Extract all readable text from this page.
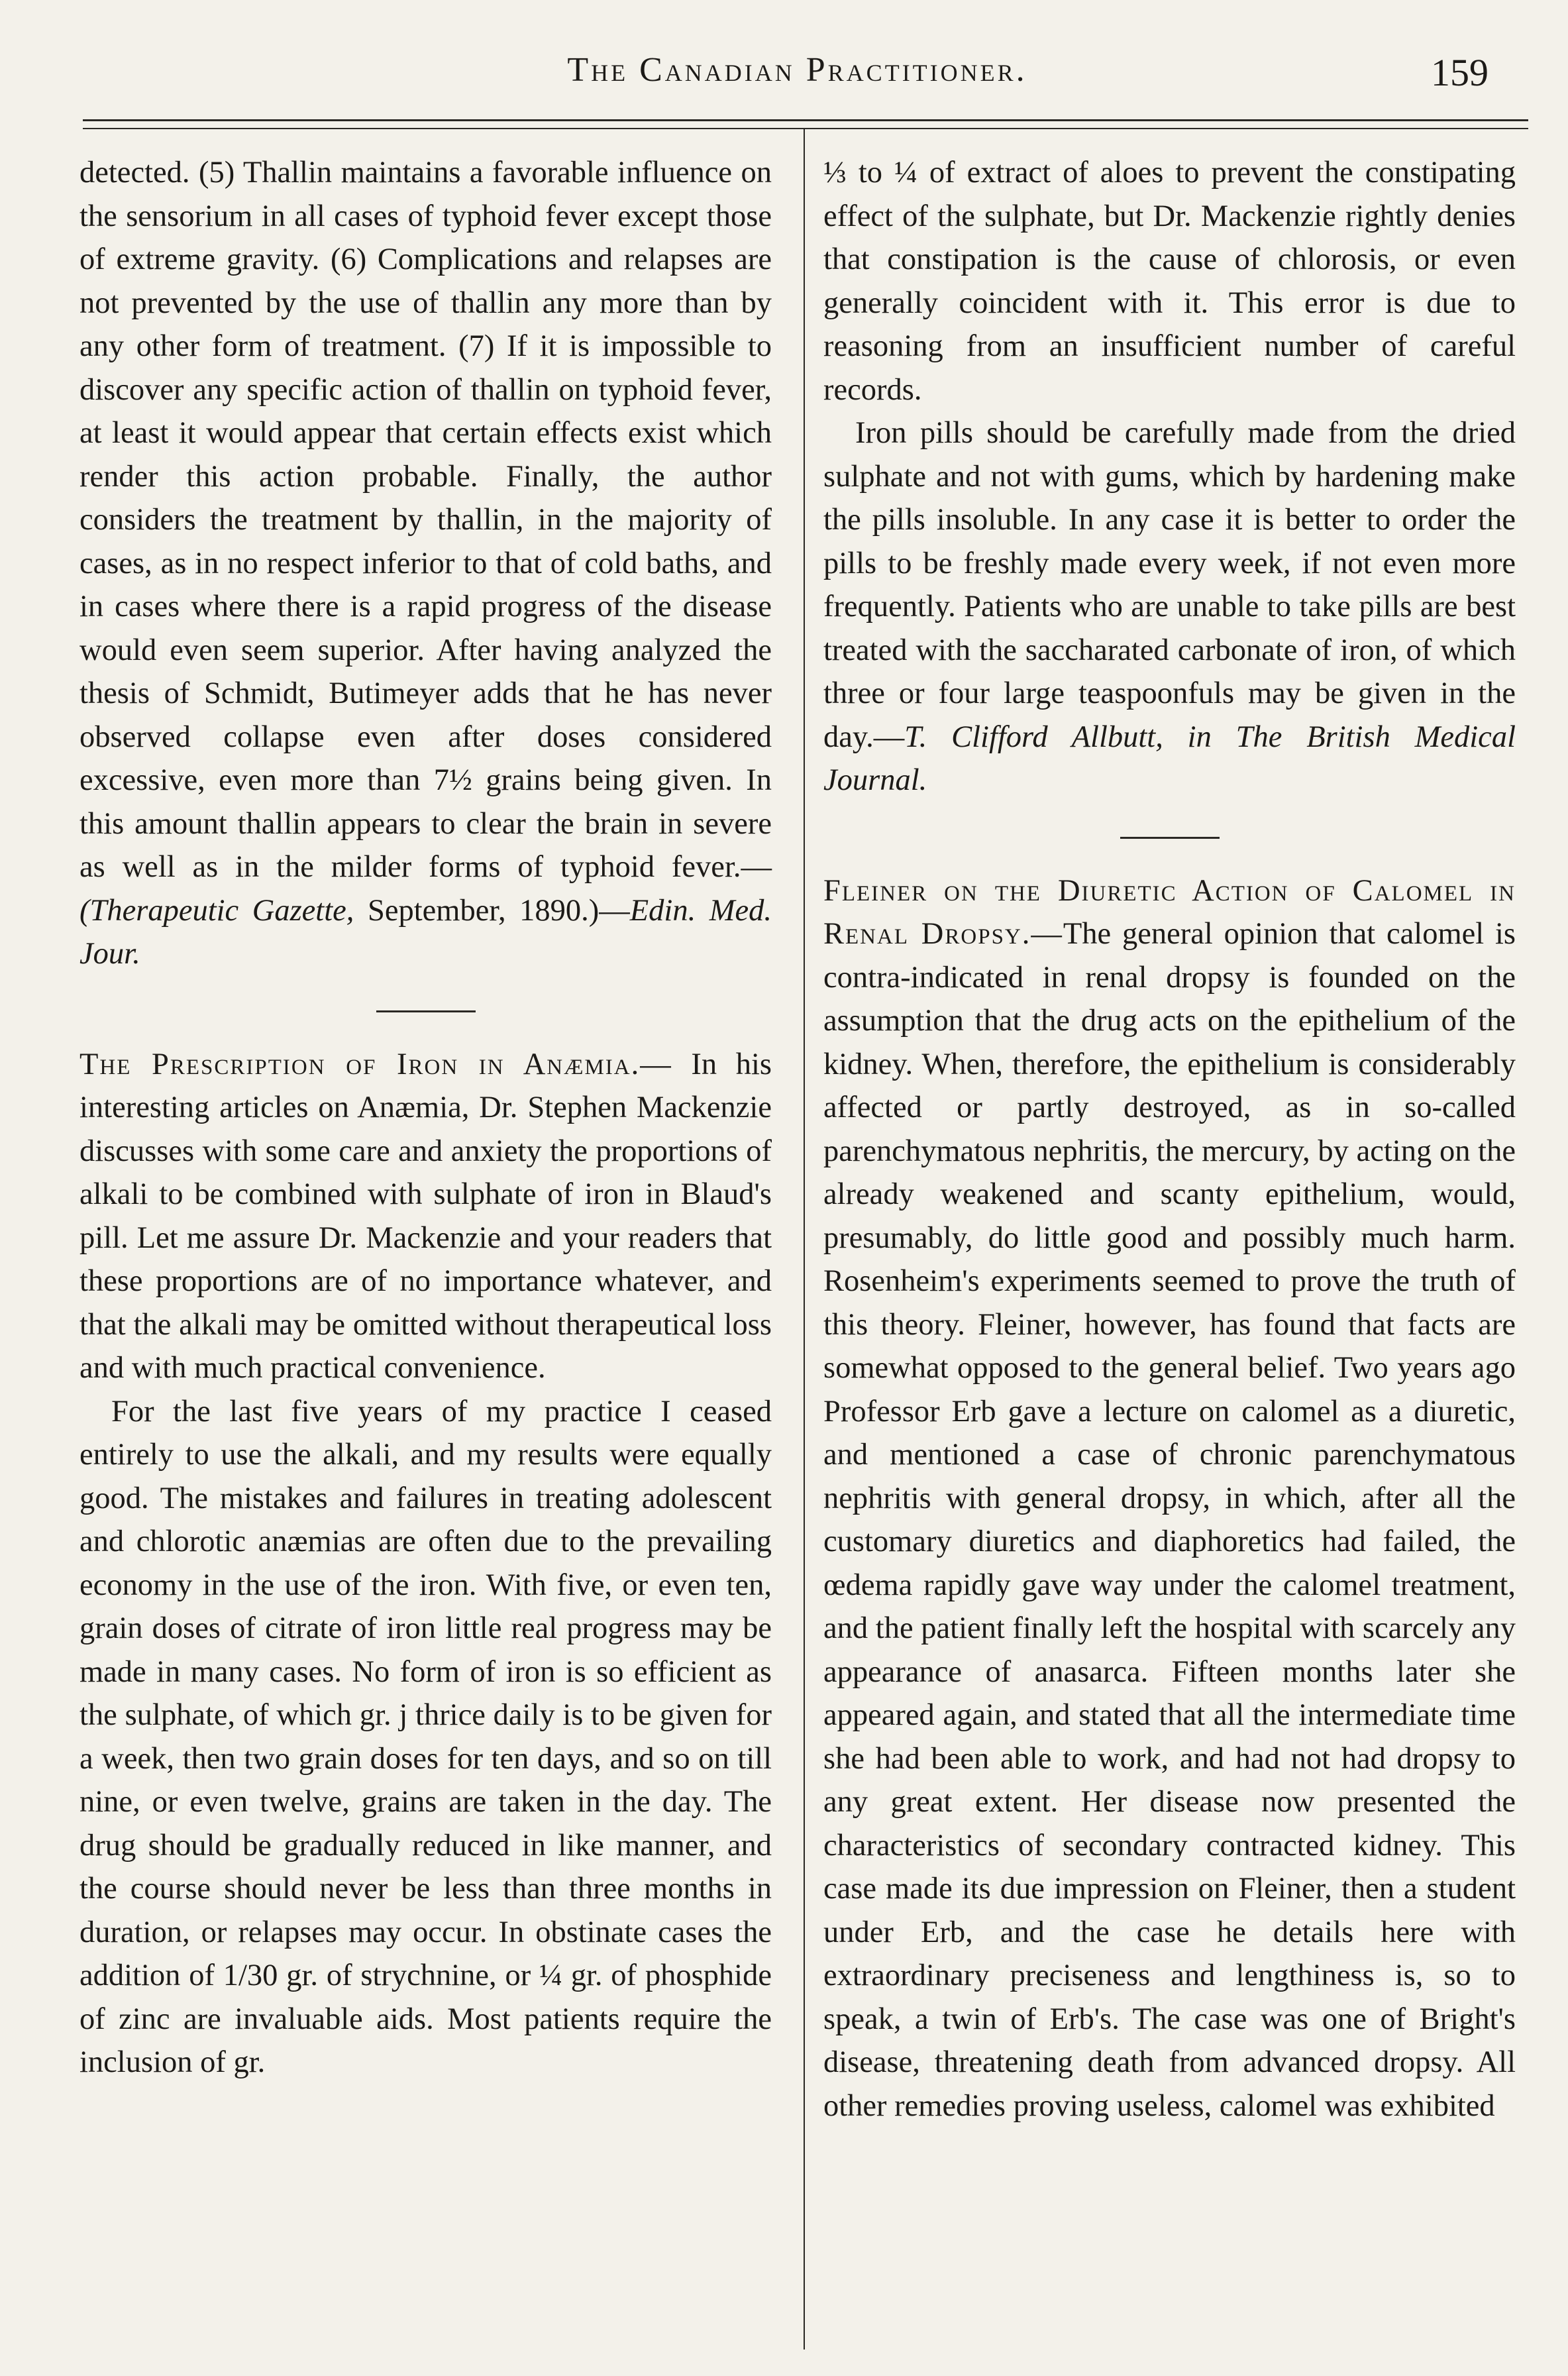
The Canadian Practitioner.	159

detected. (5) Thallin maintains a favorable influence on the sensorium in all cases of typhoid fever except those of extreme gravity. (6) Complications and relapses are not prevented by the use of thallin any more than by any other form of treatment. (7) If it is impossible to discover any specific action of thallin on typhoid fever, at least it would appear that certain effects exist which render this action probable. Finally, the author considers the treatment by thallin, in the majority of cases, as in no respect inferior to that of cold baths, and in cases where there is a rapid progress of the disease would even seem superior. After having analyzed the thesis of Schmidt, Butimeyer adds that he has never observed collapse even after doses considered excessive, even more than 7½ grains being given. In this amount thallin appears to clear the brain in severe as well as in the milder forms of typhoid fever.— (Therapeutic Gazette, September, 1890.)—Edin. Med. Jour.

The Prescription of Iron in Anæmia.— In his interesting articles on Anæmia, Dr. Stephen Mackenzie discusses with some care and anxiety the proportions of alkali to be combined with sulphate of iron in Blaud's pill. Let me assure Dr. Mackenzie and your readers that these proportions are of no importance whatever, and that the alkali may be omitted without therapeutical loss and with much practical convenience.

For the last five years of my practice I ceased entirely to use the alkali, and my results were equally good. The mistakes and failures in treating adolescent and chlorotic anæmias are often due to the prevailing economy in the use of the iron. With five, or even ten, grain doses of citrate of iron little real progress may be made in many cases. No form of iron is so efficient as the sulphate, of which gr. j thrice daily is to be given for a week, then two grain doses for ten days, and so on till nine, or even twelve, grains are taken in the day. The drug should be gradually reduced in like manner, and the course should never be less than three months in duration, or relapses may occur. In obstinate cases the addition of 1/30 gr. of strychnine, or ¼ gr. of phosphide of zinc are invaluable aids. Most patients require the inclusion of gr.

⅓ to ¼ of extract of aloes to prevent the constipating effect of the sulphate, but Dr. Mackenzie rightly denies that constipation is the cause of chlorosis, or even generally coincident with it. This error is due to reasoning from an insufficient number of careful records.

Iron pills should be carefully made from the dried sulphate and not with gums, which by hardening make the pills insoluble. In any case it is better to order the pills to be freshly made every week, if not even more frequently. Patients who are unable to take pills are best treated with the saccharated carbonate of iron, of which three or four large teaspoonfuls may be given in the day.—T. Clifford Allbutt, in The British Medical Journal.

Fleiner on the Diuretic Action of Calomel in Renal Dropsy.—The general opinion that calomel is contra-indicated in renal dropsy is founded on the assumption that the drug acts on the epithelium of the kidney. When, therefore, the epithelium is considerably affected or partly destroyed, as in so-called parenchymatous nephritis, the mercury, by acting on the already weakened and scanty epithelium, would, presumably, do little good and possibly much harm. Rosenheim's experiments seemed to prove the truth of this theory. Fleiner, however, has found that facts are somewhat opposed to the general belief. Two years ago Professor Erb gave a lecture on calomel as a diuretic, and mentioned a case of chronic parenchymatous nephritis with general dropsy, in which, after all the customary diuretics and diaphoretics had failed, the œdema rapidly gave way under the calomel treatment, and the patient finally left the hospital with scarcely any appearance of anasarca. Fifteen months later she appeared again, and stated that all the intermediate time she had been able to work, and had not had dropsy to any great extent. Her disease now presented the characteristics of secondary contracted kidney. This case made its due impression on Fleiner, then a student under Erb, and the case he details here with extraordinary preciseness and lengthiness is, so to speak, a twin of Erb's. The case was one of Bright's disease, threatening death from advanced dropsy. All other remedies proving useless, calomel was exhibited
